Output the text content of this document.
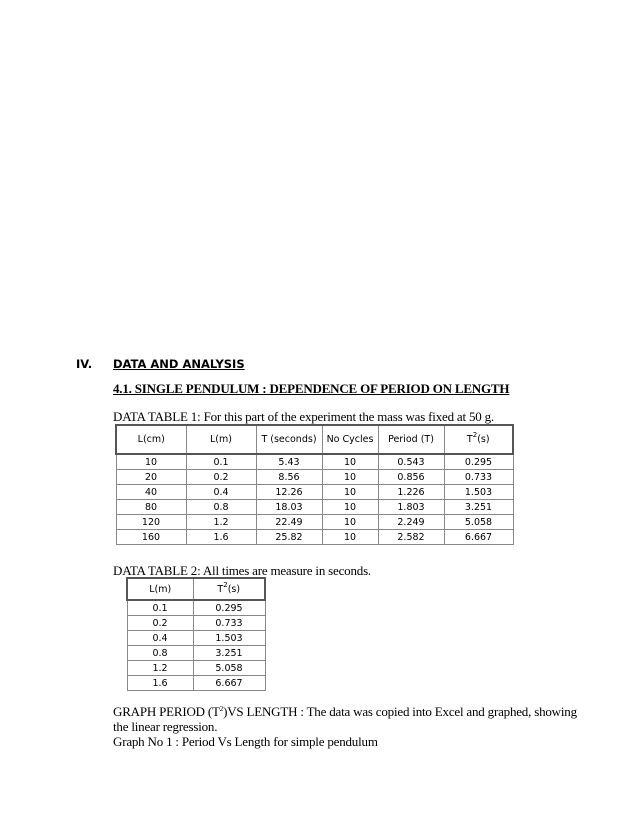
IV. DATA AND ANALYSIS
4.1. SINGLE PENDULUM : DEPENDENCE OF PERIOD ON LENGTH
DATA TABLE 1: For this part of the experiment the mass was fixed at 50 g.
L(cm)	L(m)	T (seconds)	No Cycles	Period (T)	$T^2(s)$
10	0.1	5.43	10	0.543	0.295
20	0.2	8.56	10	0.856	0.733
40	0.4	12.26	10	1.226	1.503
80	0.8	18.03	10	1.803	3.251
120	1.2	22.49	10	2.249	5.058
160	1.6	25.82	10	2.582	6.667
DATA TABLE 2: All times are measure in seconds.
L(m)	$T^2(s)$
0.1	0.295
0.2	0.733
0.4	1.503
0.8	3.251
1.2	5.058
1.6	6.667
GRAPH PERIOD $(T^2)VS$ LENGTH : The data was copied into Excel and graphed, showing the linear regression.
Graph No 1 : Period Vs Length for simple pendulum
